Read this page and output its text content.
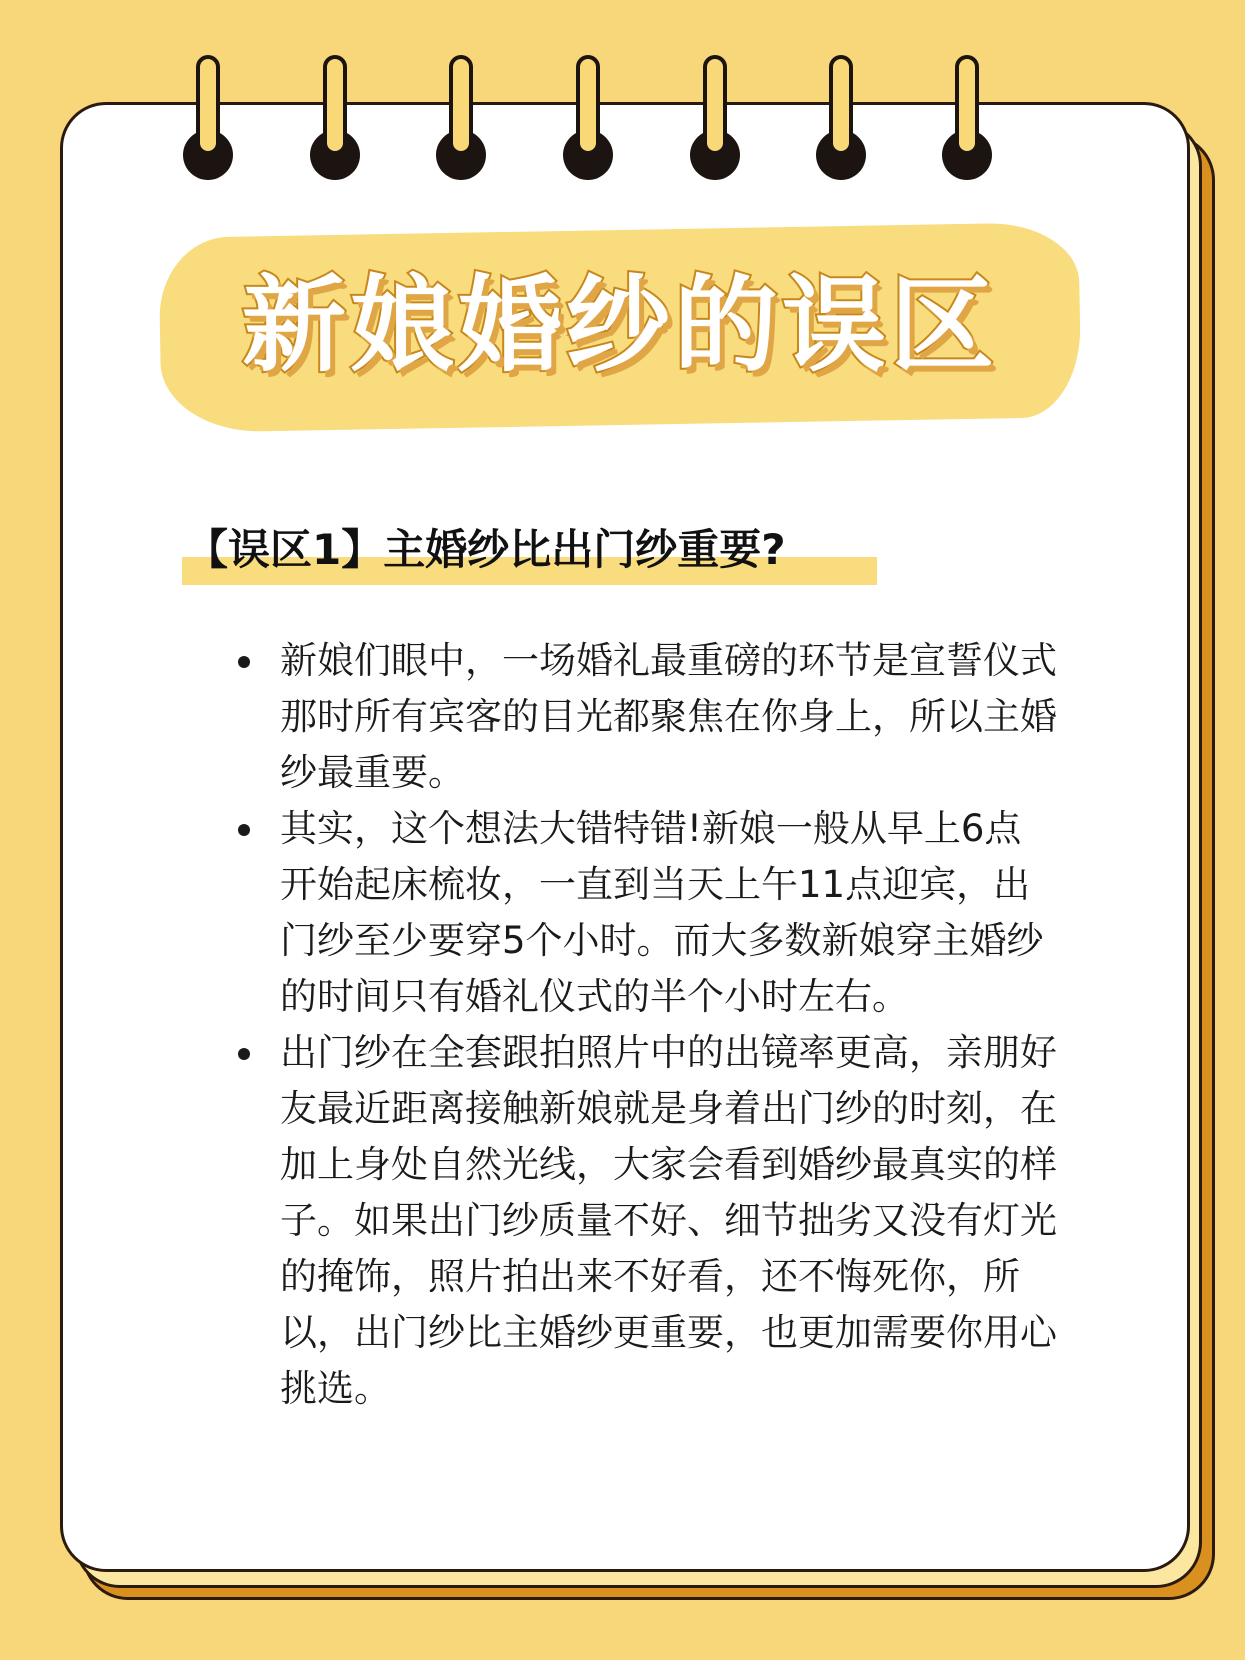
新娘婚纱的误区
【误区1】主婚纱比出门纱重要?
新娘们眼中，一场婚礼最重磅的环节是宣誓仪式那时所有宾客的目光都聚焦在你身上，所以主婚纱最重要。
其实，这个想法大错特错!新娘一般从早上6点开始起床梳妆，一直到当天上午11点迎宾，出门纱至少要穿5个小时。而大多数新娘穿主婚纱的时间只有婚礼仪式的半个小时左右。
出门纱在全套跟拍照片中的出镜率更高，亲朋好友最近距离接触新娘就是身着出门纱的时刻，在加上身处自然光线，大家会看到婚纱最真实的样子。如果出门纱质量不好、细节拙劣又没有灯光的掩饰，照片拍出来不好看，还不悔死你，所以，出门纱比主婚纱更重要，也更加需要你用心挑选。
